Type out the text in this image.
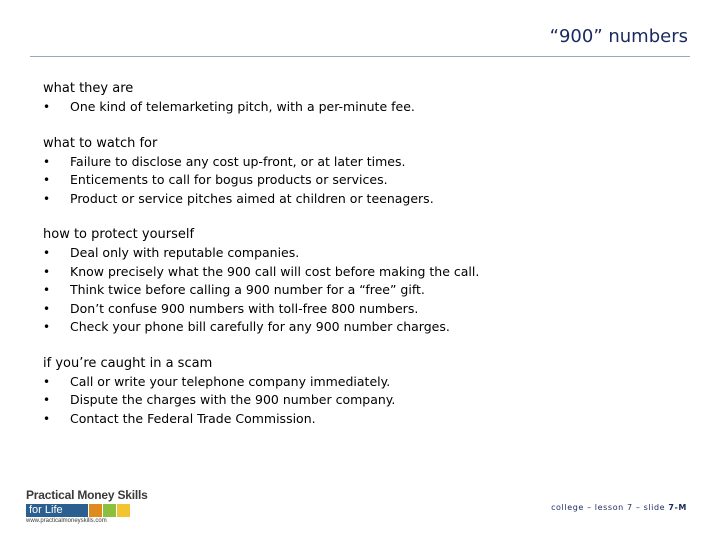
“900” numbers
what they are
• One kind of telemarketing pitch, with a per-minute fee.
what to watch for
• Failure to disclose any cost up-front, or at later times.
• Enticements to call for bogus products or services.
• Product or service pitches aimed at children or teenagers.
how to protect yourself
• Deal only with reputable companies.
• Know precisely what the 900 call will cost before making the call.
• Think twice before calling a 900 number for a “free” gift.
• Don’t confuse 900 numbers with toll-free 800 numbers.
• Check your phone bill carefully for any 900 number charges.
if you’re caught in a scam
• Call or write your telephone company immediately.
• Dispute the charges with the 900 number company.
• Contact the Federal Trade Commission.
Practical Money Skills
for Life
www.practicalmoneyskills.com
college – lesson 7 – slide 7-M
